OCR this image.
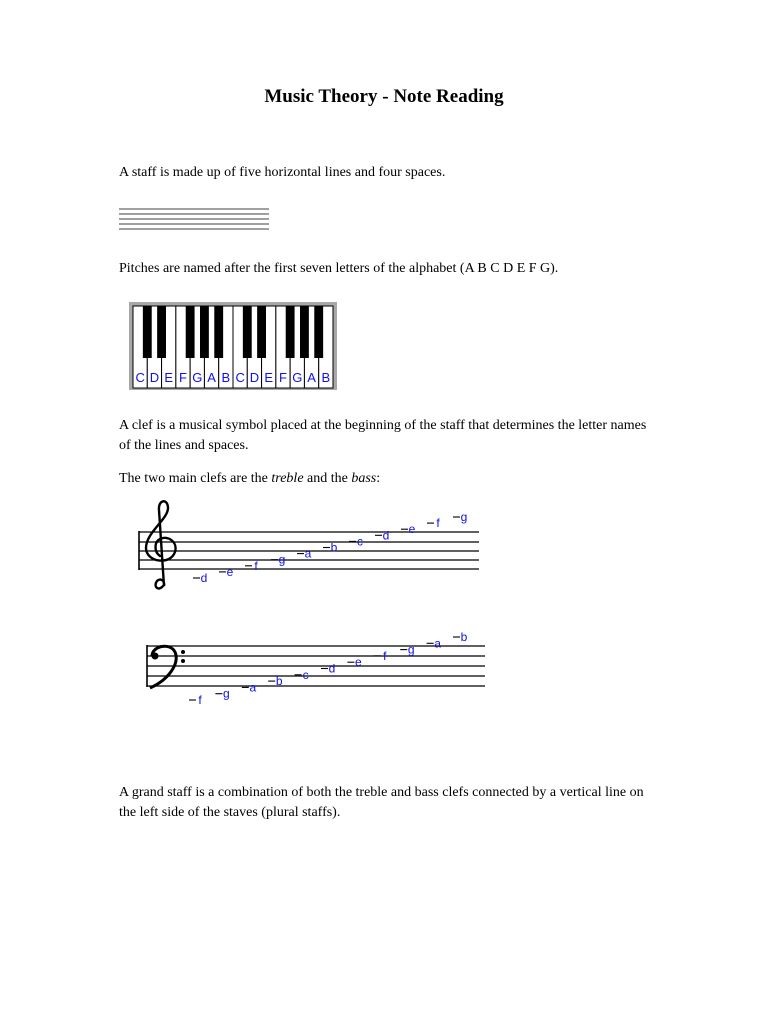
Music Theory - Note Reading
A staff is made up of five horizontal lines and four spaces.
Pitches are named after the first seven letters of the alphabet (A B C D E F G).
C D E F G A B C D E F G A B
A clef is a musical symbol placed at the beginning of the staff that determines the letter names of the lines and spaces.
The two main clefs are the treble and the bass:
d e f g a b c d e f g
f g a b c d e f g a b
A grand staff is a combination of both the treble and bass clefs connected by a vertical line on the left side of the staves (plural staffs).
